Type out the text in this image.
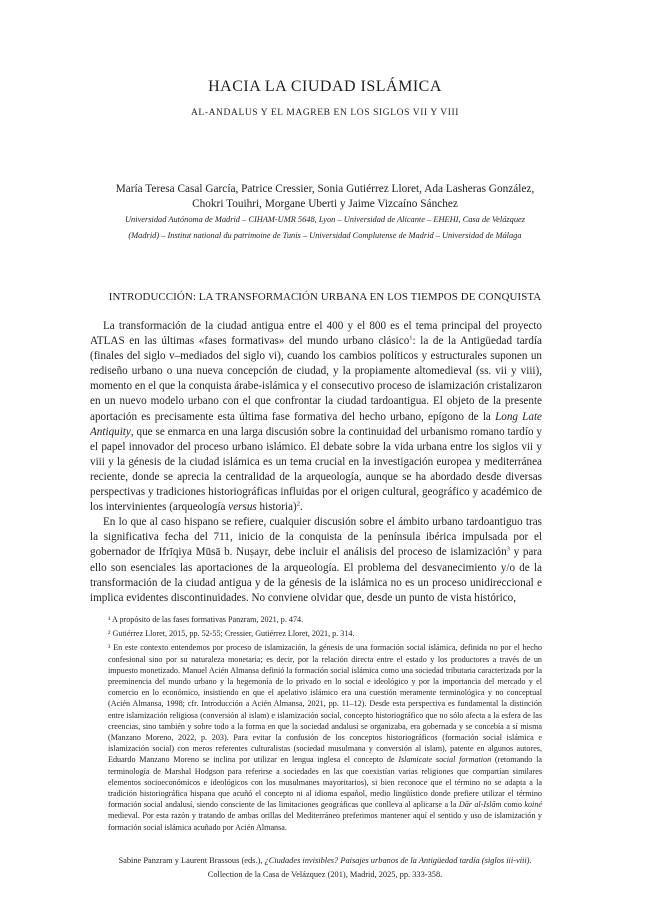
HACIA LA CIUDAD ISLÁMICA
AL-ANDALUS Y EL MAGREB EN LOS SIGLOS VII Y VIII
María Teresa Casal García, Patrice Cressier, Sonia Gutiérrez Lloret, Ada Lasheras González,
Chokri Touihri, Morgane Uberti y Jaime Vizcaíno Sánchez
Universidad Autónoma de Madrid – CIHAM-UMR 5648, Lyon – Universidad de Alicante – EHEHI, Casa de Velázquez
(Madrid) – Institut national du patrimoine de Tunis – Universidad Complutense de Madrid – Universidad de Málaga
INTRODUCCIÓN: LA TRANSFORMACIÓN URBANA EN LOS TIEMPOS DE CONQUISTA

La transformación de la ciudad antigua entre el 400 y el 800 es el tema principal del proyecto ATLAS en las últimas «fases formativas» del mundo urbano clásico$^1$: la de la Antigüedad tardía (finales del siglo v–mediados del siglo vi), cuando los cambios políticos y estructurales suponen un rediseño urbano o una nueva concepción de ciudad, y la propiamente altomedieval (ss. vii y viii), momento en el que la conquista árabe-islámica y el consecutivo proceso de islamización cristalizaron en un nuevo modelo urbano con el que confrontar la ciudad tardoantigua. El objeto de la presente aportación es precisamente esta última fase formativa del hecho urbano, epígono de la Long Late Antiquity, que se enmarca en una larga discusión sobre la continuidad del urbanismo romano tardío y el papel innovador del proceso urbano islámico. El debate sobre la vida urbana entre los siglos vii y viii y la génesis de la ciudad islámica es un tema crucial en la investigación europea y mediterránea reciente, donde se aprecia la centralidad de la arqueología, aunque se ha abordado desde diversas perspectivas y tradiciones historiográficas influidas por el origen cultural, geográfico y académico de los intervinientes (arqueología versus historia)$^2$.

En lo que al caso hispano se refiere, cualquier discusión sobre el ámbito urbano tardoantiguo tras la significativa fecha del 711, inicio de la conquista de la península ibérica impulsada por el gobernador de Ifrīqiya Mūsā b. Nuṣayr, debe incluir el análisis del proceso de islamización$^3$ y para ello son esenciales las aportaciones de la arqueología. El problema del desvanecimiento y/o de la transformación de la ciudad antigua y de la génesis de la islámica no es un proceso unidireccional e implica evidentes discontinuidades. No conviene olvidar que, desde un punto de vista histórico,

¹ A propósito de las fases formativas Panzram, 2021, p. 474.

² Gutiérrez Lloret, 2015, pp. 52-55; Cressier, Gutiérrez Lloret, 2021, p. 314.

³ En este contexto entendemos por proceso de islamización, la génesis de una formación social islámica, definida no por el hecho confesional sino por su naturaleza monetaria; es decir, por la relación directa entre el estado y los productores a través de un impuesto monetizado. Manuel Acién Almansa definió la formación social islámica como una sociedad tributaria caracterizada por la preeminencia del mundo urbano y la hegemonía de lo privado en lo social e ideológico y por la importancia del mercado y el comercio en lo económico, insistiendo en que el apelativo islámico era una cuestión meramente terminológica y no conceptual (Acién Almansa, 1998; cfr. Introducción a Acién Almansa, 2021, pp. 11–12). Desde esta perspectiva es fundamental la distinción entre islamización religiosa (conversión al islam) e islamización social, concepto historiográfico que no sólo afecta a la esfera de las creencias, sino también y sobre todo a la forma en que la sociedad andalusí se organizaba, era gobernada y se concebía a sí misma (Manzano Moreno, 2022, p. 203). Para evitar la confusión de los conceptos historiográficos (formación social islámica e islamización social) con meros referentes culturalistas (sociedad musulmana y conversión al islam), patente en algunos autores, Eduardo Manzano Moreno se inclina por utilizar en lengua inglesa el concepto de Islamicate social formation (retomando la terminología de Marshal Hodgson para referirse a sociedades en las que coexistían varias religiones que compartían similares elementos socioeconómicos e ideológicos con los musulmanes mayoritarios), si bien reconoce que el término no se adapta a la tradición historiográfica hispana que acuñó el concepto ni al idioma español, medio lingüístico donde prefiere utilizar el término formación social andalusí, siendo consciente de las limitaciones geográficas que conlleva al aplicarse a la Dār al-Islām como koiné medieval. Por esta razón y tratando de ambas orillas del Mediterráneo preferimos mantener aquí el sentido y uso de islamización y formación social islámica acuñado por Acién Almansa.

Sabine Panzram y Laurent Brassous (eds.), ¿Ciudades invisibles? Paisajes urbanos de la Antigüedad tardía (siglos iii-viii).
Collection de la Casa de Velázquez (201), Madrid, 2025, pp. 333-358.
